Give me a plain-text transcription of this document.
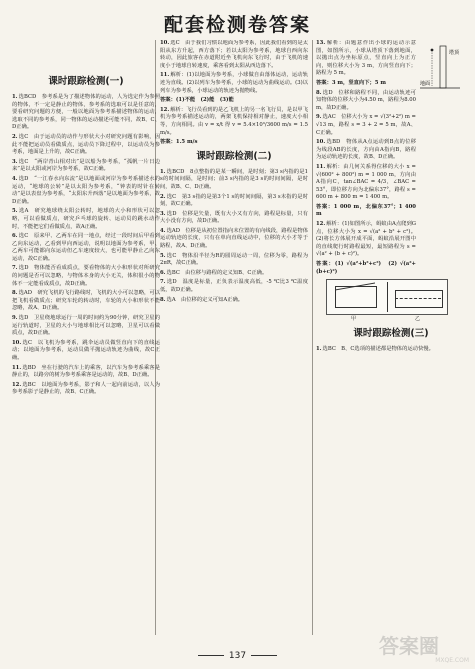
配套检测卷答案
课时跟踪检测(一)
1.选BCD　参考系是为了描述物体的运动，人为选定作为参照的物体，不一定是静止的物体，参考系的选取可以是任意的，要看研究问题的方便，一般以地面为参考系描述物体的运动，选取不同的参考系，同一物体的运动描述可能不同，故B、C、D正确。
2.选C　由于运动员的动作与形状大小对研究问题有影响，因此不能把运动员看做质点，运动员下降过程中，以运动员为参考系，地面是上升的，故C正确。
3.选C　“两岸青山相对出”是以船为参考系，“孤帆一片日边来”是以太阳或河岸为参考系，故C正确。
4.选D　“一江春水向东流”是以地面或河岸为参考系描述水的运动，“地球的公转”是以太阳为参考系，“钟表的时针在转动”是以表盘为参考系，“太阳东升西落”是以地面为参考系，故D正确。
5.选A　研究地球绕太阳公转时，地球的大小和形状可以忽略，可以看做质点，研究乒乓球的旋转、运动员的跳水动作时，不能把它们看做质点，故A正确。
6.选C　原来甲、乙两车在同一地点，经过一段时间后甲看到乙向东运动，乙看到甲向西运动，说明以地面为参考系，甲、乙两车可能都向东运动但乙车速度较大，也可能甲静止乙向东运动，故C正确。
7.选D　物体能否看成质点，要看物体的大小和形状对所研究的问题是否可以忽略，与物体本身的大小无关，体积很小的物体不一定能看成质点，故D正确。
8.选AD　研究飞机的飞行路线时，飞机的大小可以忽略，可以把飞机看做质点；研究车轮的转动时，车轮的大小和形状不能忽略，故A、D正确。
9.选D　卫星绕地球运行一周的时间约为90分钟，研究卫星的运行轨道时，卫星的大小与地球相比可以忽略，卫星可以看做质点，故D正确。
10.选C　以飞机为参考系，跳伞运动员做竖直向下的直线运动；以地面为参考系，运动员做平抛运动轨迹为曲线，故C正确。
11.选BD　坐在行驶的汽车上的乘客，以汽车为参考系乘客是静止的，以路旁的树为参考系乘客是运动的，故B、D正确。
12.选BC　以地面为参考系，影子和人一起向前运动，以人为参考系影子是静止的，故B、C正确。
10.选C　由于我们习惯以地面为参考系，因此我们看到的是太阳从东方升起，西方落下；若以太阳为参考系，地球自西向东转动，因此旅客在赤道附近坐飞机向东飞行时，由于飞机的速度小于地球自转速度，乘客看到太阳从西边落下。
11.解析：(1)以地面为参考系，小球做自由落体运动，运动轨迹为直线。(2)以列车为参考系，小球的运动为曲线运动。(3)以列车为参考系，小球运动的轨迹为抛物线。
答案：(1)不能　(2)能　(3)能
12.解析：飞行员看到的是乙飞机上的另一名飞行员，是以甲飞机为参考系描述运动的，两架飞机保持相对静止，速度大小相等，方向相同。由 v = x/t 得 v = 5.4×10³/3600 m/s = 1.5 m/s。
答案：1.5 m/s
课时跟踪检测(二)
1.选BCD　8点整指的是某一瞬间，是时刻；第3 s内指的是1 s的时间间隔，是时间；前3 s内指的是3 s的时间间隔，是时间，故B、C、D正确。
2.选C　第3 s指的是第3个1 s的时间间隔，第3 s末指的是时刻，故C正确。
3.选D　位移是矢量，既有大小又有方向，路程是标量，只有大小没有方向，故D正确。
4.选AD　位移是从初位置指向末位置的有向线段，路程是物体运动轨迹的长度，只有在单向直线运动中，位移的大小才等于路程，故A、D正确。
5.选C　物体沿半径为R的圆周运动一周，位移为零，路程为2πR，故C正确。
6.选BC　由位移与路程的定义知B、C正确。
7.选D　温度是标量，正负表示温度高低，-5 ℃比3 ℃温度低，故D正确。
8.选A　由位移的定义可知A正确。
13.解析：由题意作出小球的运动示意图，如图所示，小球从塔顶下落到地面，以抛出点为坐标原点，竖直向上为正方向，则位移大小为 3 m，方向竖直向下；路程为 5 m。
答案：3 m，竖直向下；5 m
8.选D　位移和路程不同，由运动轨迹可知物体的位移大小为4.50 m，路程为8.00 m，故D正确。
9.选AC　位移大小为 x = √(3²+2²) m = √13 m，路程 s = 3 + 2 = 5 m，故A、C正确。
10.选BD　物体从A点运动到B点的位移为线段AB的长度，方向由A指向B，路程为运动轨迹的长度，故B、D正确。
11.解析：由几何关系得位移的大小 x = √(600² + 800²) m = 1 000 m，方向由A指向C，tan∠BAC = 4/3，∠BAC = 53°，即位移方向为北偏东37°，路程 s = 600 m + 800 m = 1 400 m。
答案：1 000 m，北偏东37°；1 400 m
12.解析：(1)如图所示，蚂蚁由A点爬到G点，位移大小为 x = √(a² + b² + c²)。(2)将长方体展开成平面，蚂蚁沿展开图中的直线爬行时路程最短，最短路程为 s = √(a² + (b + c)²)。
答案：(1) √(a²+b²+c²)　(2) √(a²+(b+c)²)
甲	乙
课时跟踪检测(三)
1.选BC　B、C选项的描述都是物体的运动快慢。
塔顶
地面
137	答案圈
MXQE.COM
